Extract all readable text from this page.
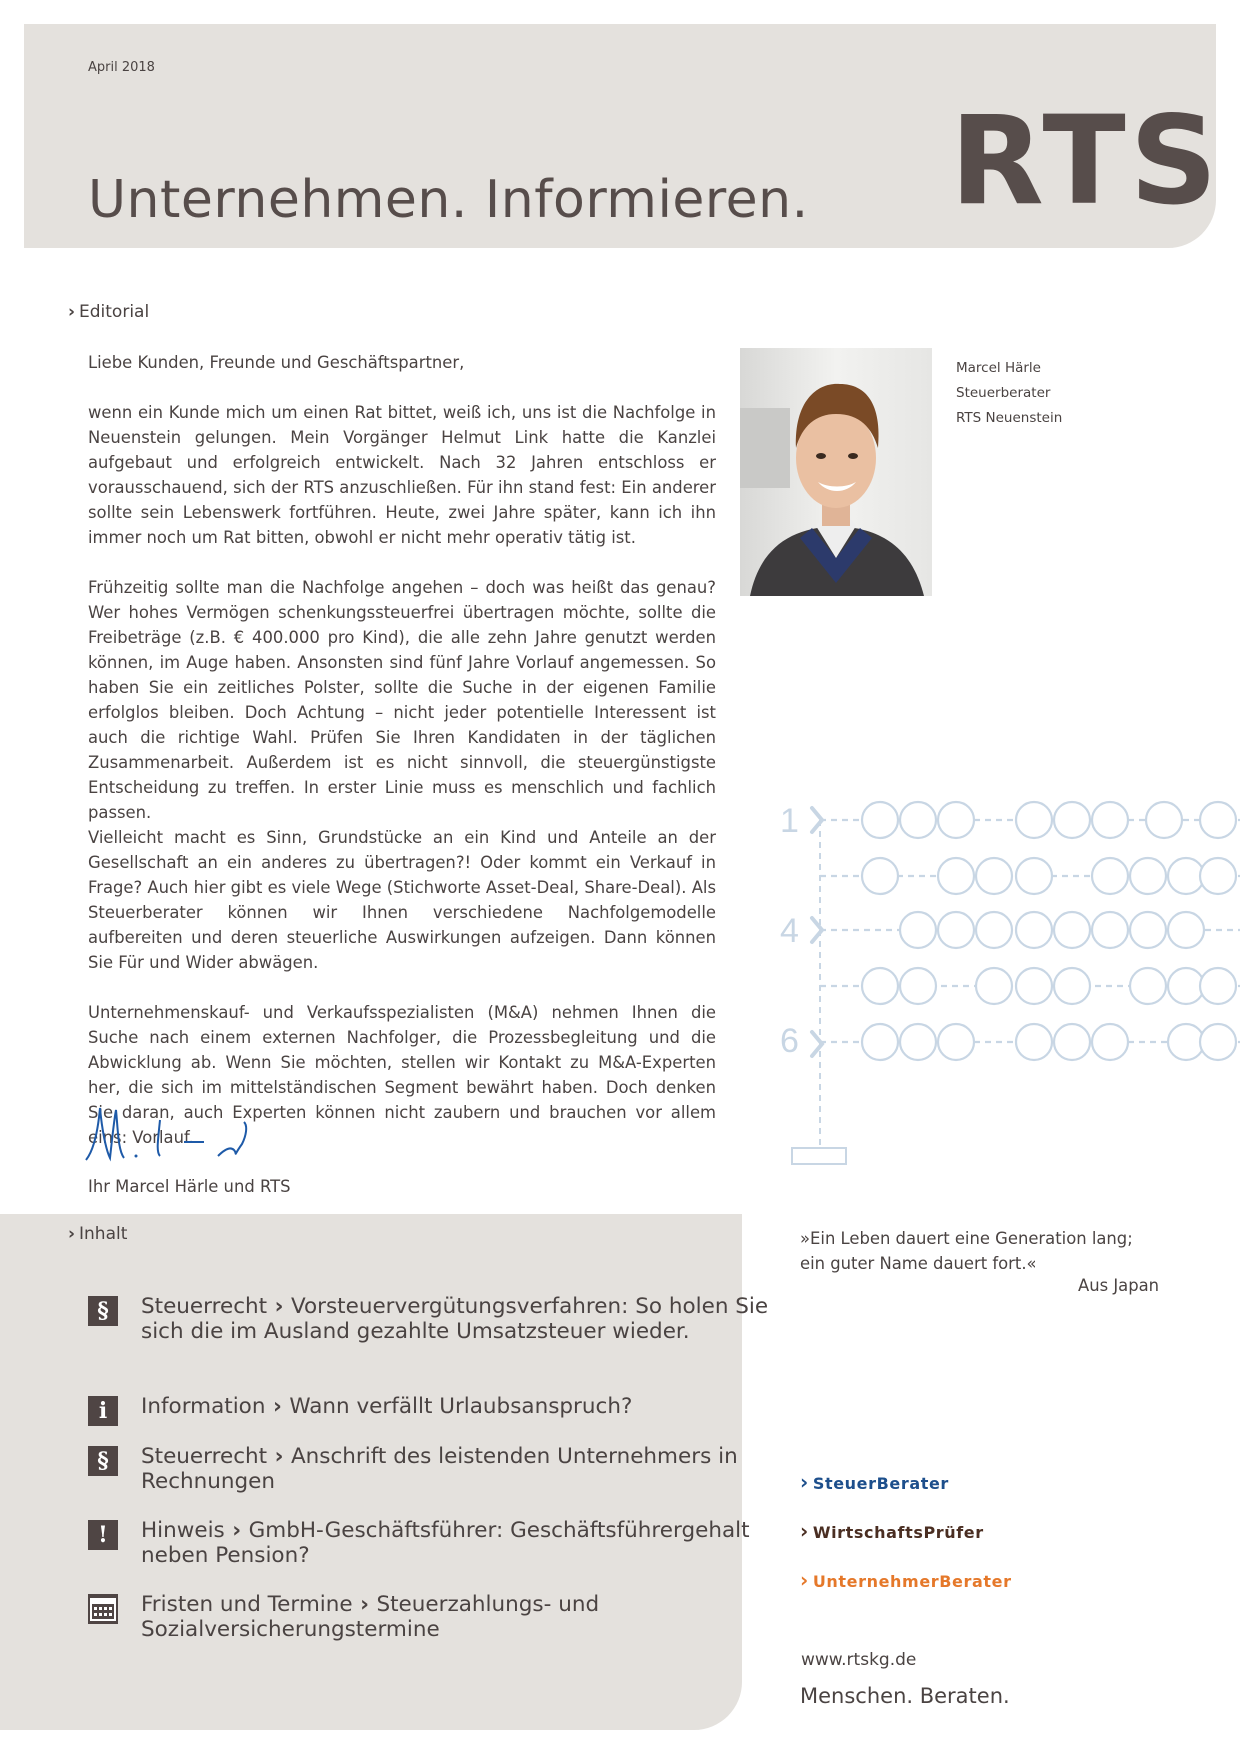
April 2018
Unternehmen. Informieren. RTS
› Editorial

Liebe Kunden, Freunde und Geschäftspartner,

wenn ein Kunde mich um einen Rat bittet, weiß ich, uns ist die Nachfolge in Neuenstein gelungen. Mein Vorgänger Helmut Link hatte die Kanzlei aufgebaut und erfolgreich entwickelt. Nach 32 Jahren entschloss er vorausschauend, sich der RTS anzuschließen. Für ihn stand fest: Ein anderer sollte sein Lebenswerk fortführen. Heute, zwei Jahre später, kann ich ihn immer noch um Rat bitten, obwohl er nicht mehr operativ tätig ist.

Frühzeitig sollte man die Nachfolge angehen – doch was heißt das genau? Wer hohes Vermögen schenkungssteuerfrei übertragen möchte, sollte die Freibeträge (z.B. € 400.000 pro Kind), die alle zehn Jahre genutzt werden können, im Auge haben. Ansonsten sind fünf Jahre Vorlauf angemessen. So haben Sie ein zeitliches Polster, sollte die Suche in der eigenen Familie erfolglos bleiben. Doch Achtung – nicht jeder potentielle Interessent ist auch die richtige Wahl. Prüfen Sie Ihren Kandidaten in der täglichen Zusammenarbeit. Außerdem ist es nicht sinnvoll, die steuergünstigste Entscheidung zu treffen. In erster Linie muss es menschlich und fachlich passen.

Vielleicht macht es Sinn, Grundstücke an ein Kind und Anteile an der Gesellschaft an ein anderes zu übertragen?! Oder kommt ein Verkauf in Frage? Auch hier gibt es viele Wege (Stichworte Asset-Deal, Share-Deal). Als Steuerberater können wir Ihnen verschiedene Nachfolgemodelle aufbereiten und deren steuerliche Auswirkungen aufzeigen. Dann können Sie Für und Wider abwägen.

Unternehmenskauf- und Verkaufsspezialisten (M&A) nehmen Ihnen die Suche nach einem externen Nachfolger, die Prozessbegleitung und die Abwicklung ab. Wenn Sie möchten, stellen wir Kontakt zu M&A-Experten her, die sich im mittelständischen Segment bewährt haben. Doch denken Sie daran, auch Experten können nicht zaubern und brauchen vor allem eins: Vorlauf.

Marcel Härle
Steuerberater
RTS Neuenstein
Ihr Marcel Härle und RTS
1
4
6
› Inhalt
§	Steuerrecht › Vorsteuervergütungsverfahren: So holen Sie sich die im Ausland gezahlte Umsatzsteuer wieder.
i	Information › Wann verfällt Urlaubsanspruch?
§	Steuerrecht › Anschrift des leistenden Unternehmers in Rechnungen
!	Hinweis › GmbH-Geschäftsführer: Geschäftsführergehalt neben Pension?
Fristen und Termine › Steuerzahlungs- und Sozialversicherungstermine
»Ein Leben dauert eine Generation lang;
ein guter Name dauert fort.«
Aus Japan
› SteuerBerater
› WirtschaftsPrüfer
› UnternehmerBerater
www.rtskg.de
Menschen. Beraten.
